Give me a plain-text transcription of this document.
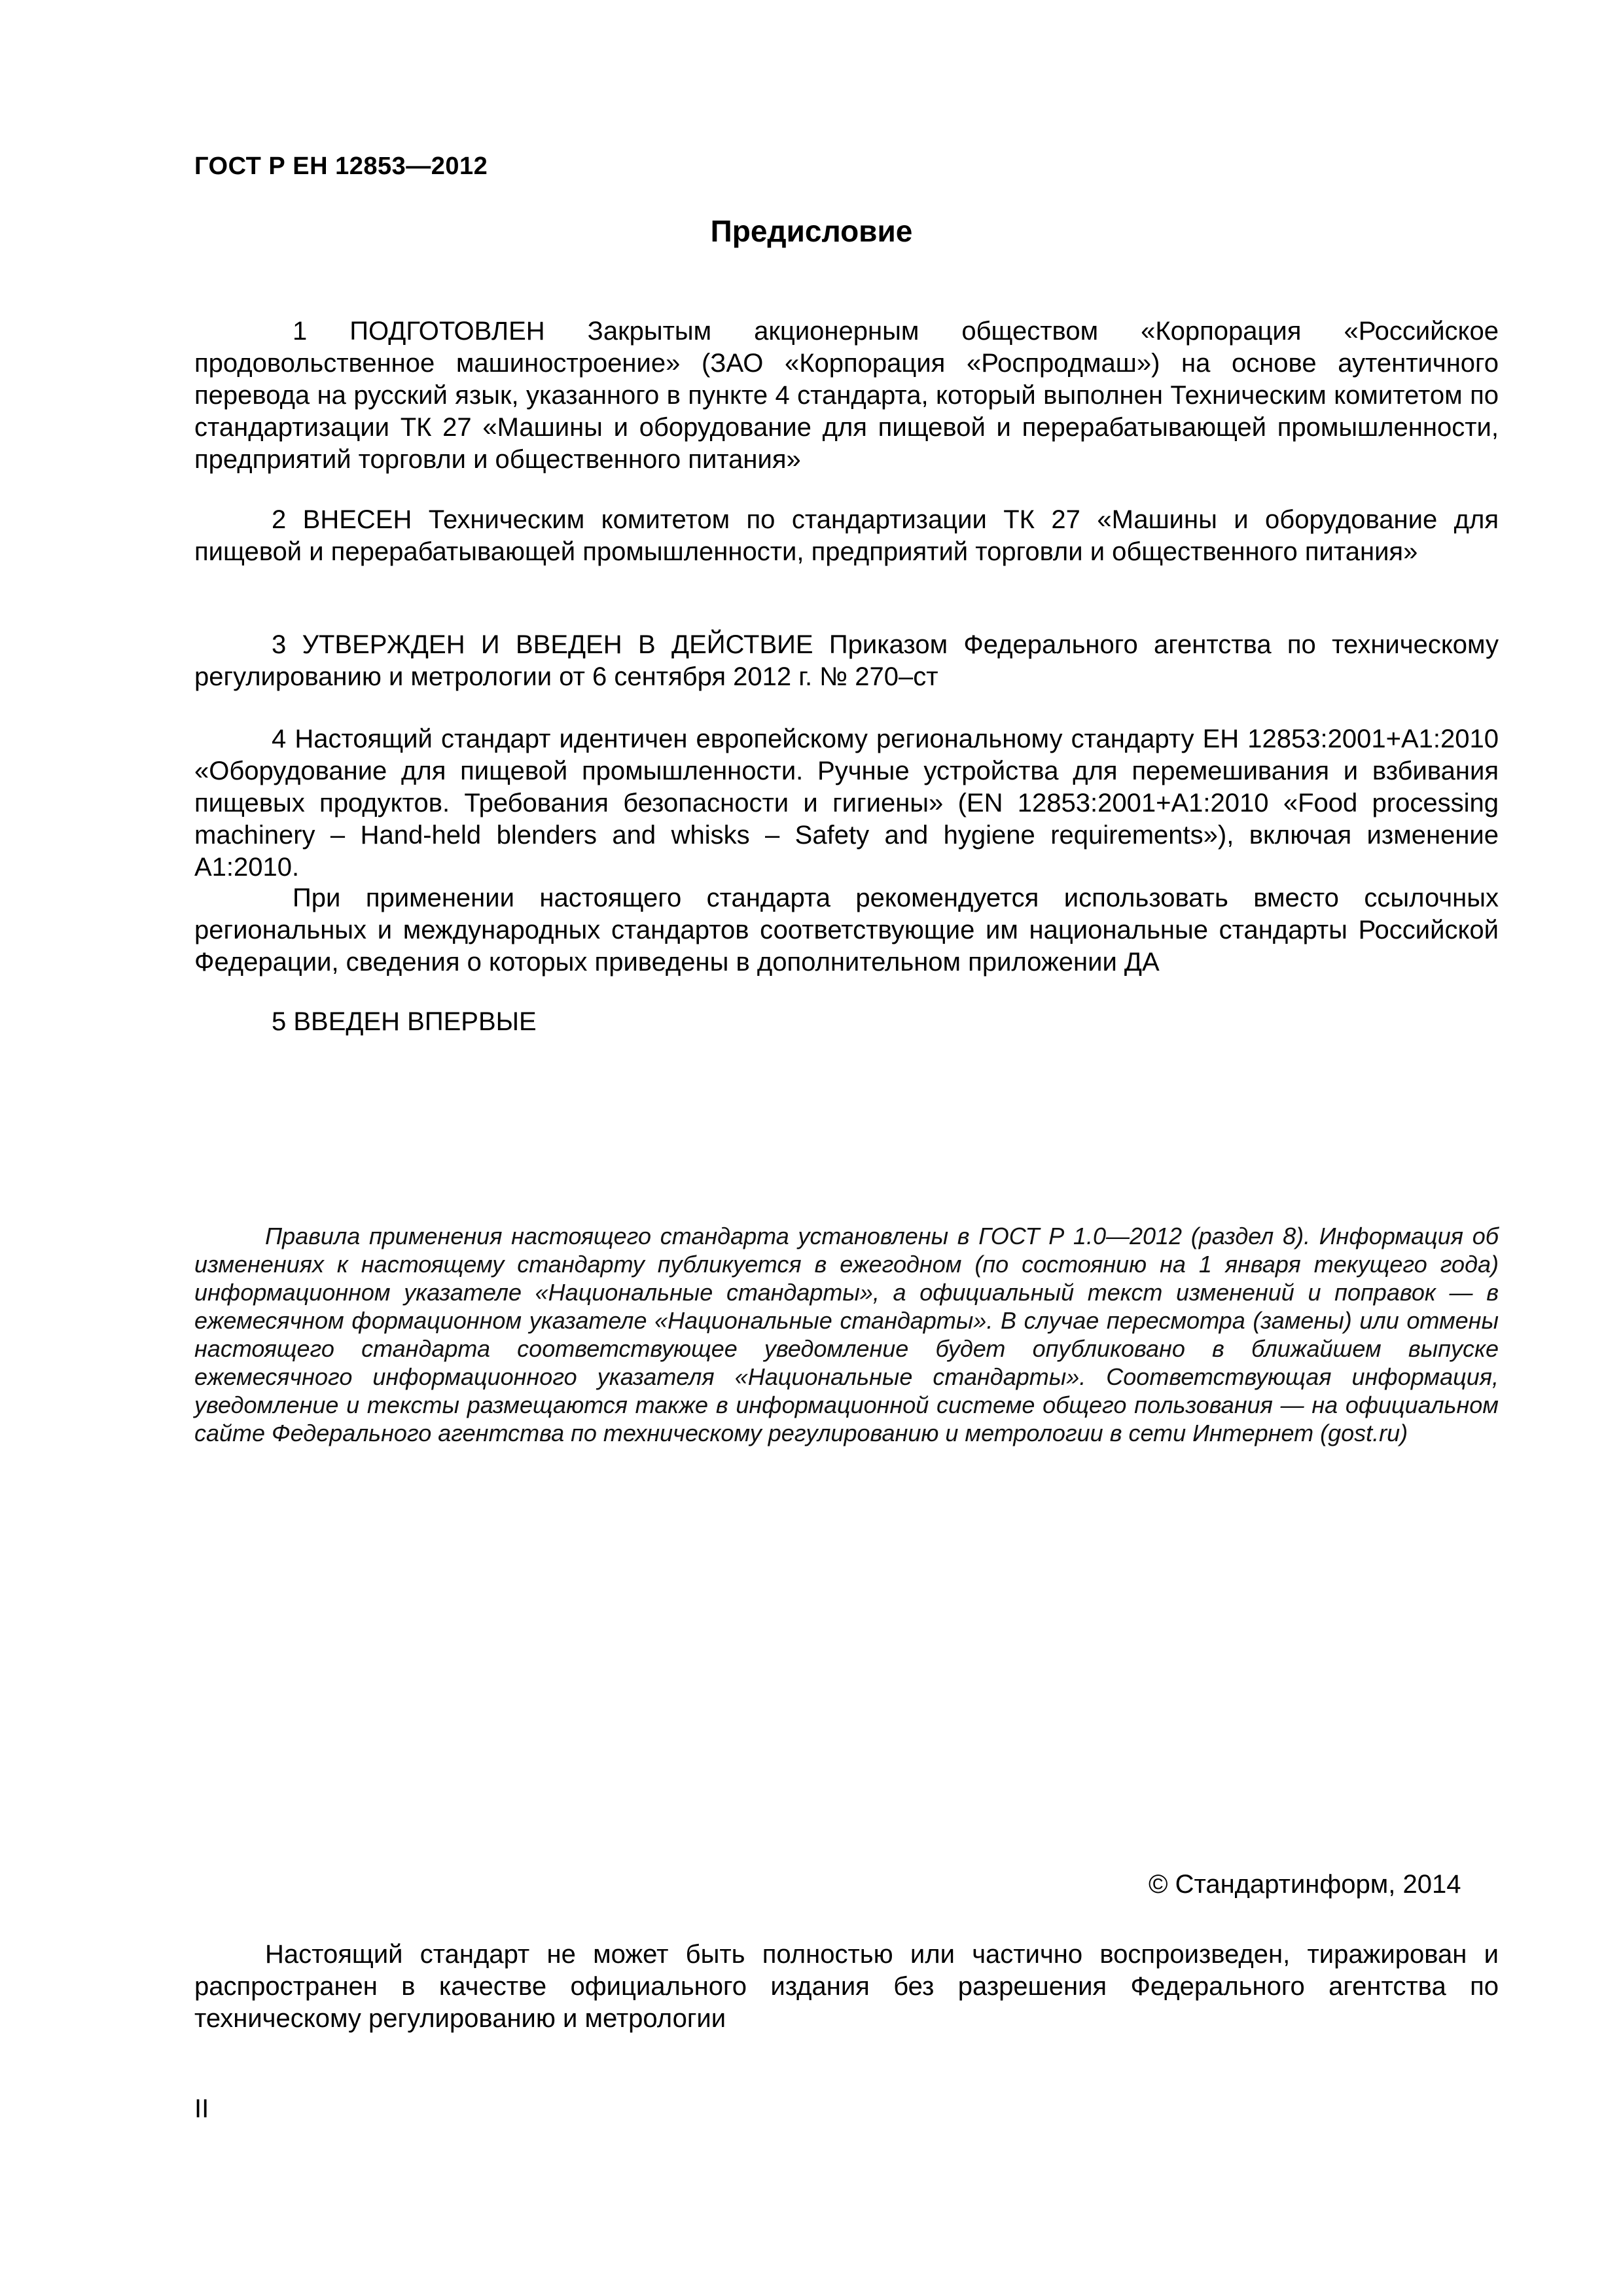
ГОСТ Р ЕН 12853—2012
Предисловие

1 ПОДГОТОВЛЕН Закрытым акционерным обществом «Корпорация «Российское продовольственное машиностроение» (ЗАО «Корпорация «Роспродмаш») на основе аутентичного перевода на русский язык, указанного в пункте 4 стандарта, который выполнен Техническим комитетом по стандартизации ТК 27 «Машины и оборудование для пищевой и перерабатывающей промышленности, предприятий торговли и общественного питания»

2 ВНЕСЕН Техническим комитетом по стандартизации ТК 27 «Машины и оборудование для пищевой и перерабатывающей промышленности, предприятий торговли и общественного питания»

3 УТВЕРЖДЕН И ВВЕДЕН В ДЕЙСТВИЕ Приказом Федерального агентства по техническому регулированию и метрологии от 6 сентября 2012 г. № 270–ст

4 Настоящий стандарт идентичен европейскому региональному стандарту ЕН 12853:2001+A1:2010 «Оборудование для пищевой промышленности. Ручные устройства для перемешивания и взбивания пищевых продуктов. Требования безопасности и гигиены» (EN 12853:2001+A1:2010 «Food processing machinery – Hand-held blenders and whisks – Safety and hygiene requirements»), включая изменение A1:2010.

При применении настоящего стандарта рекомендуется использовать вместо ссылочных региональных и международных стандартов соответствующие им национальные стандарты Российской Федерации, сведения о которых приведены в дополнительном приложении ДА

5 ВВЕДЕН ВПЕРВЫЕ

Правила применения настоящего стандарта установлены в ГОСТ Р 1.0—2012 (раздел 8). Информация об изменениях к настоящему стандарту публикуется в ежегодном (по состоянию на 1 января текущего года) информационном указателе «Национальные стандарты», а официальный текст изменений и поправок — в ежемесячном формационном указателе «Национальные стандарты». В случае пересмотра (замены) или отмены настоящего стандарта соответствующее уведомление будет опубликовано в ближайшем выпуске ежемесячного информационного указателя «Национальные стандарты». Соответствующая информация, уведомление и тексты размещаются также в информационной системе общего пользования — на официальном сайте Федерального агентства по техническому регулированию и метрологии в сети Интернет (gost.ru)

© Стандартинформ, 2014

Настоящий стандарт не может быть полностью или частично воспроизведен, тиражирован и распространен в качестве официального издания без разрешения Федерального агентства по техническому регулированию и метрологии

II
